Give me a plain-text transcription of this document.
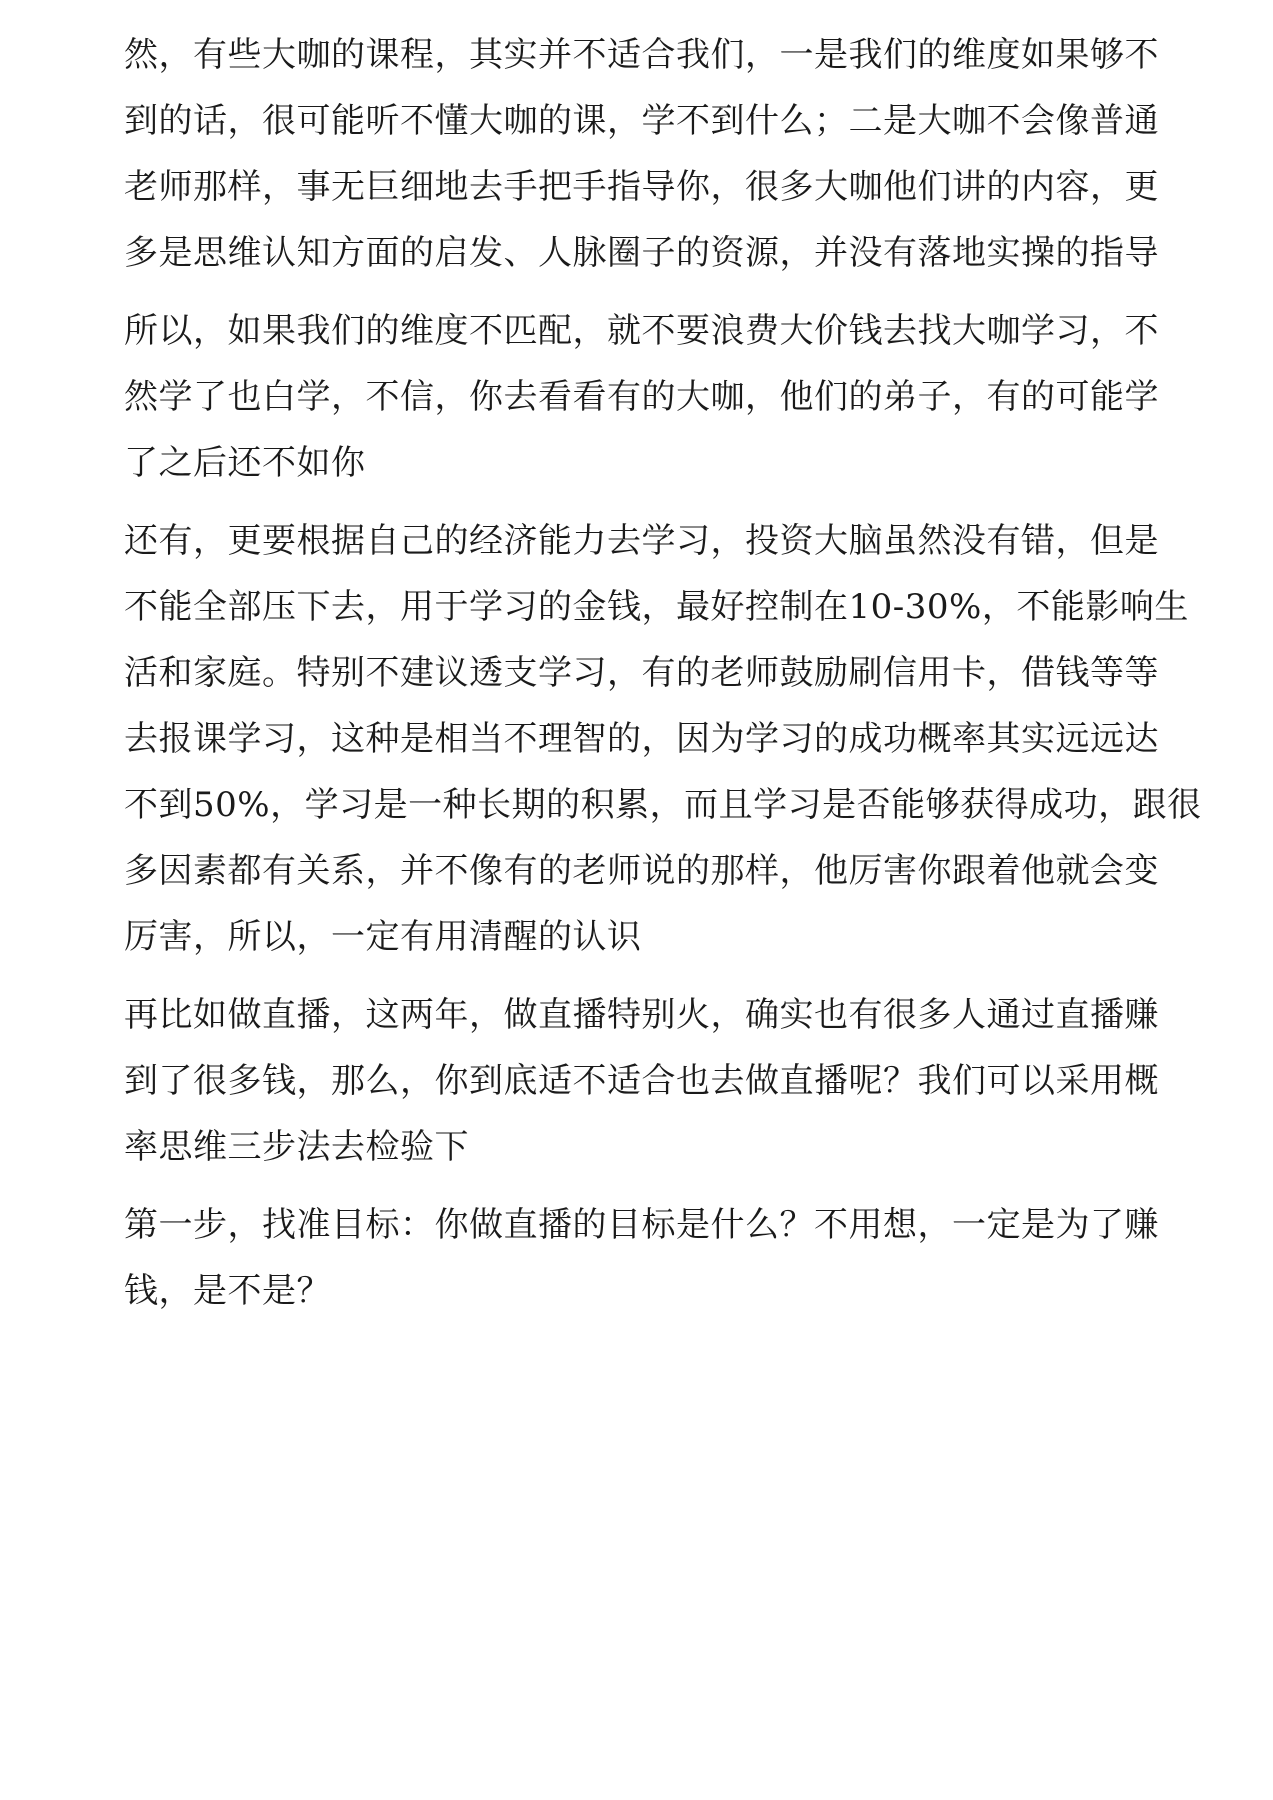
然，有些大咖的课程，其实并不适合我们，一是我们的维度如果够不
到的话，很可能听不懂大咖的课，学不到什么；二是大咖不会像普通
老师那样，事无巨细地去手把手指导你，很多大咖他们讲的内容，更
多是思维认知方面的启发、人脉圈子的资源，并没有落地实操的指导

所以，如果我们的维度不匹配，就不要浪费大价钱去找大咖学习，不
然学了也白学，不信，你去看看有的大咖，他们的弟子，有的可能学
了之后还不如你

还有，更要根据自己的经济能力去学习，投资大脑虽然没有错，但是
不能全部压下去，用于学习的金钱，最好控制在10-30%，不能影响生
活和家庭。特别不建议透支学习，有的老师鼓励刷信用卡，借钱等等
去报课学习，这种是相当不理智的，因为学习的成功概率其实远远达
不到50%，学习是一种长期的积累，而且学习是否能够获得成功，跟很
多因素都有关系，并不像有的老师说的那样，他厉害你跟着他就会变
厉害，所以，一定有用清醒的认识

再比如做直播，这两年，做直播特别火，确实也有很多人通过直播赚
到了很多钱，那么，你到底适不适合也去做直播呢？我们可以采用概
率思维三步法去检验下

第一步，找准目标：你做直播的目标是什么？不用想，一定是为了赚
钱，是不是？
